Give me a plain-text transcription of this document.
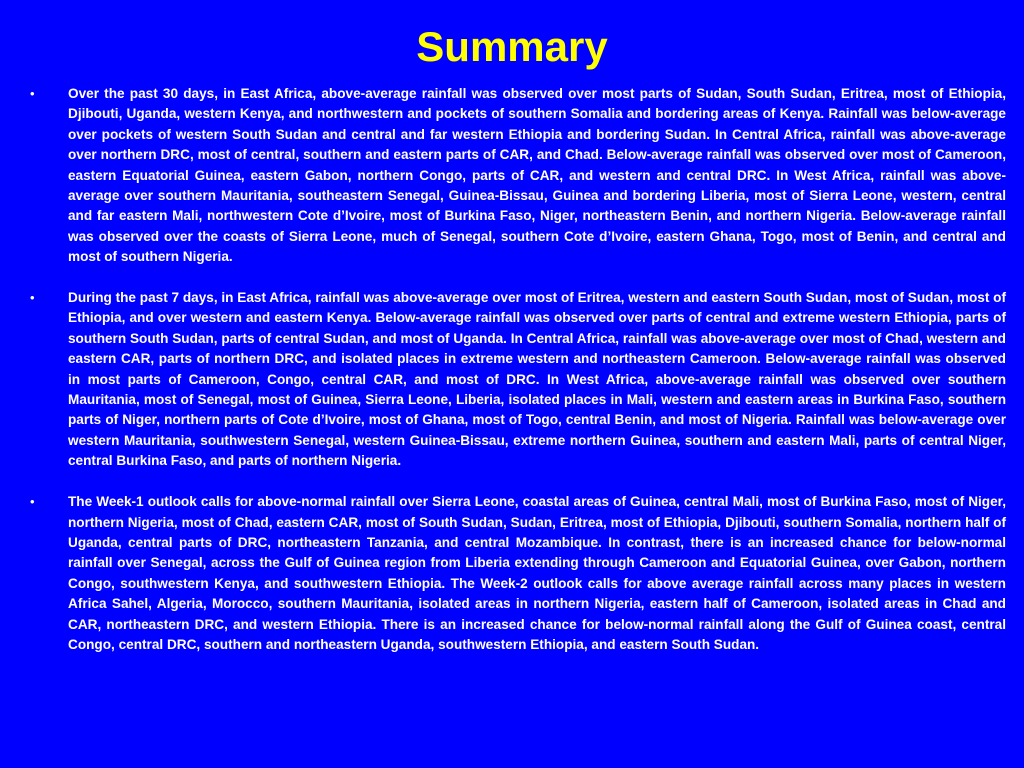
Summary
• Over the past 30 days, in East Africa, above-average rainfall was observed over most parts of Sudan, South Sudan, Eritrea, most of Ethiopia, Djibouti, Uganda, western Kenya, and northwestern and pockets of southern Somalia and bordering areas of Kenya. Rainfall was below-average over pockets of western South Sudan and central and far western Ethiopia and bordering Sudan. In Central Africa, rainfall was above-average over northern DRC, most of central, southern and eastern parts of CAR, and Chad. Below-average rainfall was observed over most of Cameroon, eastern Equatorial Guinea, eastern Gabon, northern Congo, parts of CAR, and western and central DRC. In West Africa, rainfall was above-average over southern Mauritania, southeastern Senegal, Guinea-Bissau, Guinea and bordering Liberia, most of Sierra Leone, western, central and far eastern Mali, northwestern Cote d’Ivoire, most of Burkina Faso, Niger, northeastern Benin, and northern Nigeria. Below-average rainfall was observed over the coasts of Sierra Leone, much of Senegal, southern Cote d’Ivoire, eastern Ghana, Togo, most of Benin, and central and most of southern Nigeria.
• During the past 7 days, in East Africa, rainfall was above-average over most of Eritrea, western and eastern South Sudan, most of Sudan, most of Ethiopia, and over western and eastern Kenya. Below-average rainfall was observed over parts of central and extreme western Ethiopia, parts of southern South Sudan, parts of central Sudan, and most of Uganda. In Central Africa, rainfall was above-average over most of Chad, western and eastern CAR, parts of northern DRC, and isolated places in extreme western and northeastern Cameroon. Below-average rainfall was observed in most parts of Cameroon, Congo, central CAR, and most of DRC. In West Africa, above-average rainfall was observed over southern Mauritania, most of Senegal, most of Guinea, Sierra Leone, Liberia, isolated places in Mali, western and eastern areas in Burkina Faso, southern parts of Niger, northern parts of Cote d’Ivoire, most of Ghana, most of Togo, central Benin, and most of Nigeria. Rainfall was below-average over western Mauritania, southwestern Senegal, western Guinea-Bissau, extreme northern Guinea, southern and eastern Mali, parts of central Niger, central Burkina Faso, and parts of northern Nigeria.
• The Week-1 outlook calls for above-normal rainfall over Sierra Leone, coastal areas of Guinea, central Mali, most of Burkina Faso, most of Niger, northern Nigeria, most of Chad, eastern CAR, most of South Sudan, Sudan, Eritrea, most of Ethiopia, Djibouti, southern Somalia, northern half of Uganda, central parts of DRC, northeastern Tanzania, and central Mozambique. In contrast, there is an increased chance for below-normal rainfall over Senegal, across the Gulf of Guinea region from Liberia extending through Cameroon and Equatorial Guinea, over Gabon, northern Congo, southwestern Kenya, and southwestern Ethiopia. The Week-2 outlook calls for above average rainfall across many places in western Africa Sahel, Algeria, Morocco, southern Mauritania, isolated areas in northern Nigeria, eastern half of Cameroon, isolated areas in Chad and CAR, northeastern DRC, and western Ethiopia. There is an increased chance for below-normal rainfall along the Gulf of Guinea coast, central Congo, central DRC, southern and northeastern Uganda, southwestern Ethiopia, and eastern South Sudan.
